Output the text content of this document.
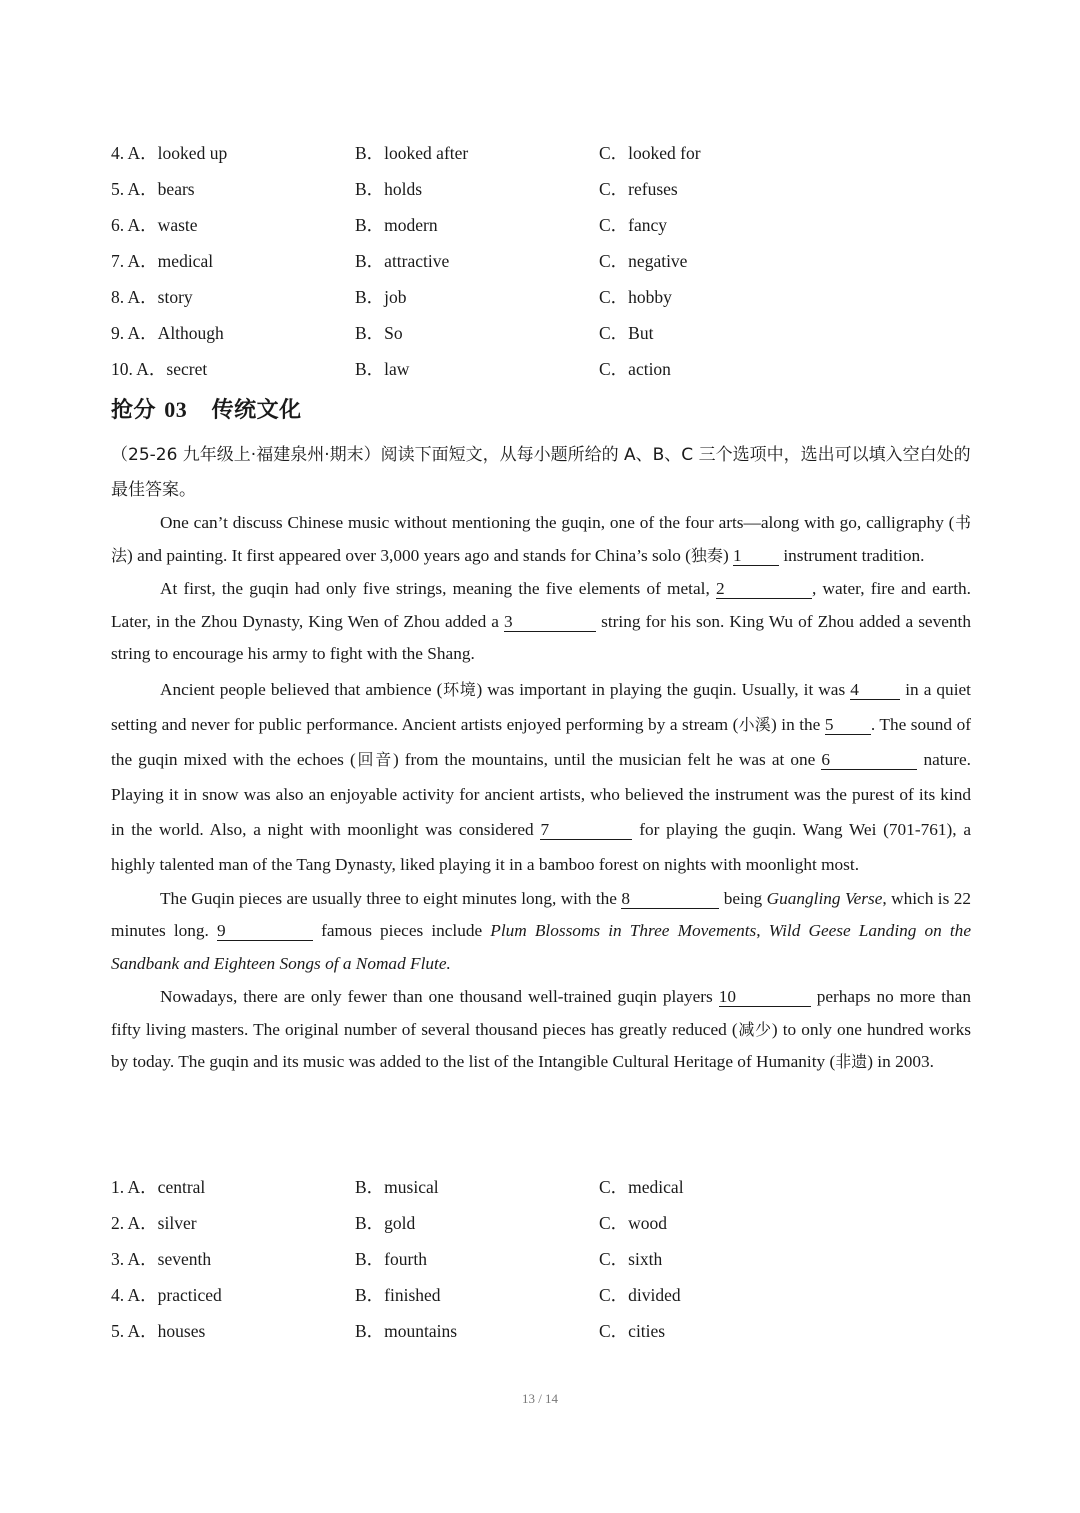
4. A．looked up	B．looked after	C．looked for
5. A．bears	B．holds	C．refuses
6. A．waste	B．modern	C．fancy
7. A．medical	B．attractive	C．negative
8. A．story	B．job	C．hobby
9. A．Although	B．So	C．But
10. A．secret	B．law	C．action
抢分 03 传统文化
（25-26 九年级上·福建泉州·期末）阅读下面短文，从每小题所给的 A、B、C 三个选项中，选出可以填入空白处的最佳答案。

One can’t discuss Chinese music without mentioning the guqin, one of the four arts—along with go, calligraphy (书法) and painting. It first appeared over 3,000 years ago and stands for China’s solo (独奏) 1 instrument tradition.

At first, the guqin had only five strings, meaning the five elements of metal, 2	, water, fire and earth. Later, in the Zhou Dynasty, King Wen of Zhou added a 3	string for his son. King Wu of Zhou added a seventh string to encourage his army to fight with the Shang.

Ancient people believed that ambience (环境) was important in playing the guqin. Usually, it was 4 in a quiet setting and never for public performance. Ancient artists enjoyed performing by a stream (小溪) in the 5 . The sound of the guqin mixed with the echoes (回音) from the mountains, until the musician felt he was at one 6	nature. Playing it in snow was also an enjoyable activity for ancient artists, who believed the instrument was the purest of its kind in the world. Also, a night with moonlight was considered 7	for playing the guqin. Wang Wei (701-761), a highly talented man of the Tang Dynasty, liked playing it in a bamboo forest on nights with moonlight most.

The Guqin pieces are usually three to eight minutes long, with the 8	being Guangling Verse, which is 22 minutes long. 9	famous pieces include Plum Blossoms in Three Movements, Wild Geese Landing on the Sandbank and Eighteen Songs of a Nomad Flute.

Nowadays, there are only fewer than one thousand well-trained guqin players 10	perhaps no more than fifty living masters. The original number of several thousand pieces has greatly reduced (减少) to only one hundred works by today. The guqin and its music was added to the list of the Intangible Cultural Heritage of Humanity (非遗) in 2003.

1. A．central	B．musical	C．medical
2. A．silver	B．gold	C．wood
3. A．seventh	B．fourth	C．sixth
4. A．practiced	B．finished	C．divided
5. A．houses	B．mountains	C．cities
13 / 14
